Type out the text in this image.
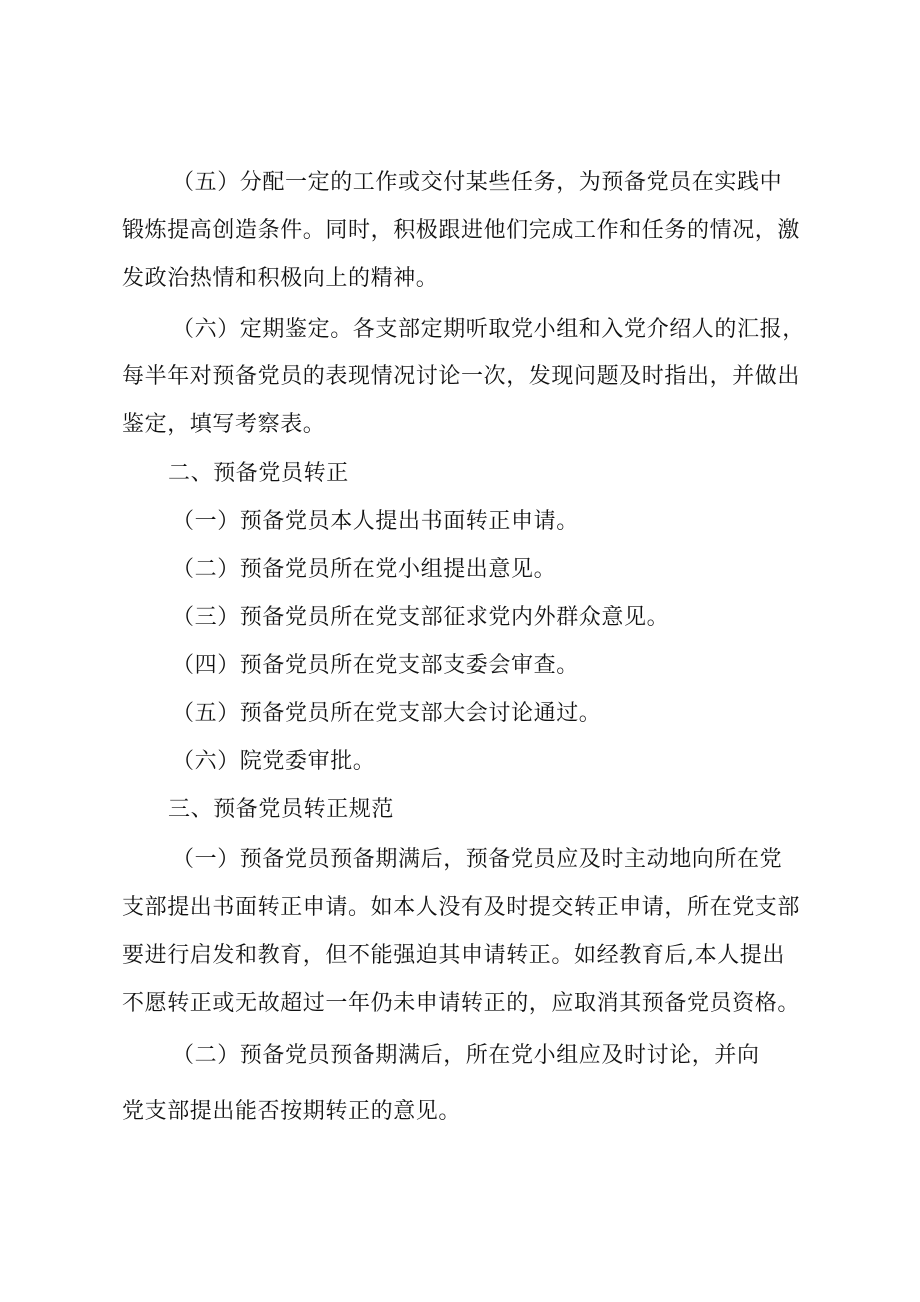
（五）分配一定的工作或交付某些任务，为预备党员在实践中
锻炼提高创造条件。同时，积极跟进他们完成工作和任务的情况，激
发政治热情和积极向上的精神。
（六）定期鉴定。各支部定期听取党小组和入党介绍人的汇报，
每半年对预备党员的表现情况讨论一次，发现问题及时指出，并做出
鉴定，填写考察表。
二、预备党员转正
（一）预备党员本人提出书面转正申请。
（二）预备党员所在党小组提出意见。
（三）预备党员所在党支部征求党内外群众意见。
（四）预备党员所在党支部支委会审查。
（五）预备党员所在党支部大会讨论通过。
（六）院党委审批。
三、预备党员转正规范
（一）预备党员预备期满后，预备党员应及时主动地向所在党
支部提出书面转正申请。如本人没有及时提交转正申请，所在党支部
要进行启发和教育，但不能强迫其申请转正。如经教育后,本人提出
不愿转正或无故超过一年仍未申请转正的，应取消其预备党员资格。
（二）预备党员预备期满后，所在党小组应及时讨论，并向
党支部提出能否按期转正的意见。
